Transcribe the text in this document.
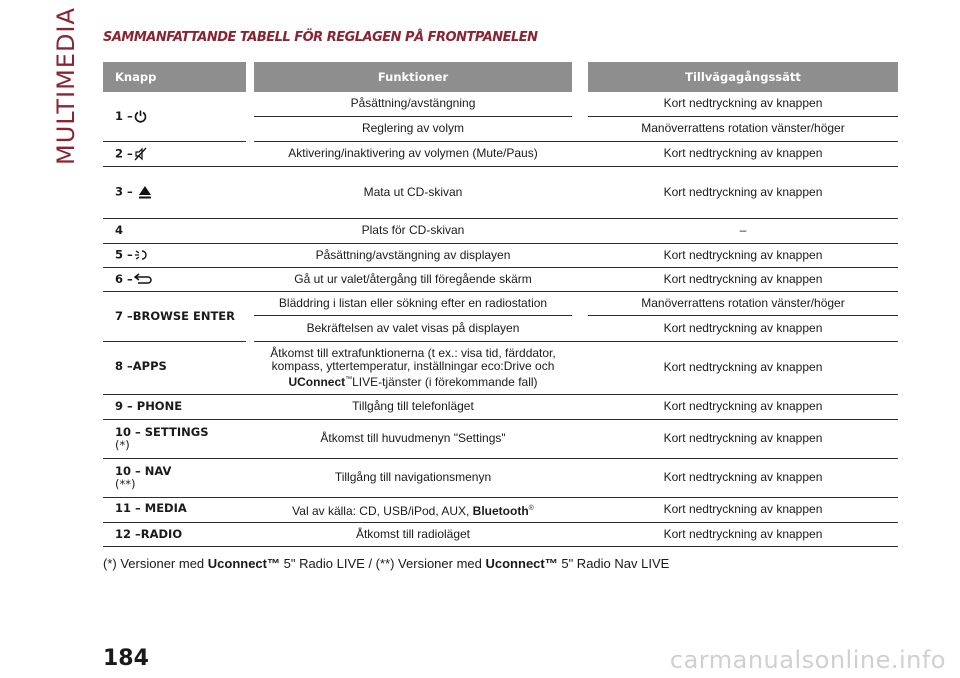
MULTIMEDIA SAMMANFATTANDE TABELL FÖR REGLAGEN PÅ FRONTPANELEN
Knapp		Funktioner		Tillvägagångssätt
1 –		Påsättning/avstängning		Kort nedtryckning av knappen
		Reglering av volym		Manöverrattens rotation vänster/höger
2 –		Aktivering/inaktivering av volymen (Mute/Paus)		Kort nedtryckning av knappen
3 –		Mata ut CD-skivan		Kort nedtryckning av knappen
4		Plats för CD-skivan		–
5 –		Påsättning/avstängning av displayen		Kort nedtryckning av knappen
6 –		Gå ut ur valet/återgång till föregående skärm		Kort nedtryckning av knappen
7 –BROWSE ENTER		Bläddring i listan eller sökning efter en radiostation		Manöverrattens rotation vänster/höger
		Bekräftelsen av valet visas på displayen		Kort nedtryckning av knappen
8 –APPS		Åtkomst till extrafunktionerna (t ex.: visa tid, färddator,
kompass, yttertemperatur, inställningar eco:Drive och
UConnect™LIVE-tjänster (i förekommande fall)		Kort nedtryckning av knappen
9 – PHONE		Tillgång till telefonläget		Kort nedtryckning av knappen
10 – SETTINGS
(*)		Åtkomst till huvudmenyn "Settings"		Kort nedtryckning av knappen
10 – NAV
(**)		Tillgång till navigationsmenyn		Kort nedtryckning av knappen
11 – MEDIA		Val av källa: CD, USB/iPod, AUX, Bluetooth®		Kort nedtryckning av knappen
12 –RADIO		Åtkomst till radioläget		Kort nedtryckning av knappen
(*) Versioner med Uconnect™ 5" Radio LIVE / (**) Versioner med Uconnect™ 5" Radio Nav LIVE
184	carmanualsonline.info
